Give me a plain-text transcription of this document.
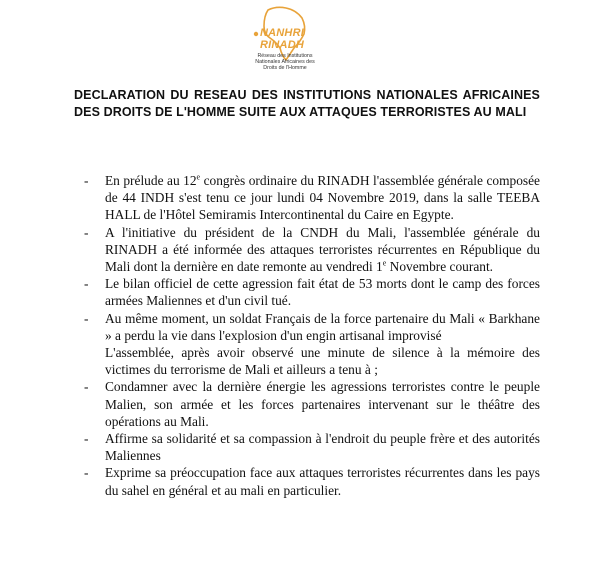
NANHRI
RINADH
Réseau des Institutions Nationales Africaines des Droits de l'Homme
DECLARATION DU RESEAU DES INSTITUTIONS NATIONALES AFRICAINES DES DROITS DE L'HOMME SUITE AUX ATTAQUES TERRORISTES AU MALI
- En prélude au 12e congrès ordinaire du RINADH l'assemblée générale composée de 44 INDH s'est tenu ce jour lundi 04 Novembre 2019, dans la salle TEEBA HALL de l'Hôtel Semiramis Intercontinental du Caire en Egypte.
- A l'initiative du président de la CNDH du Mali, l'assemblée générale du RINADH a été informée des attaques terroristes récurrentes en République du Mali dont la dernière en date remonte au vendredi 1e Novembre courant.
- Le bilan officiel de cette agression fait état de 53 morts dont le camp des forces armées Maliennes et d'un civil tué.
- Au même moment, un soldat Français de la force partenaire du Mali « Barkhane » a perdu la vie dans l'explosion d'un engin artisanal improvisé
L'assemblée, après avoir observé une minute de silence à la mémoire des victimes du terrorisme de Mali et ailleurs a tenu à ;
- Condamner avec la dernière énergie les agressions terroristes contre le peuple Malien, son armée et les forces partenaires intervenant sur le théâtre des opérations au Mali.
- Affirme sa solidarité et sa compassion à l'endroit du peuple frère et des autorités Maliennes
- Exprime sa préoccupation face aux attaques terroristes récurrentes dans les pays du sahel en général et au mali en particulier.
